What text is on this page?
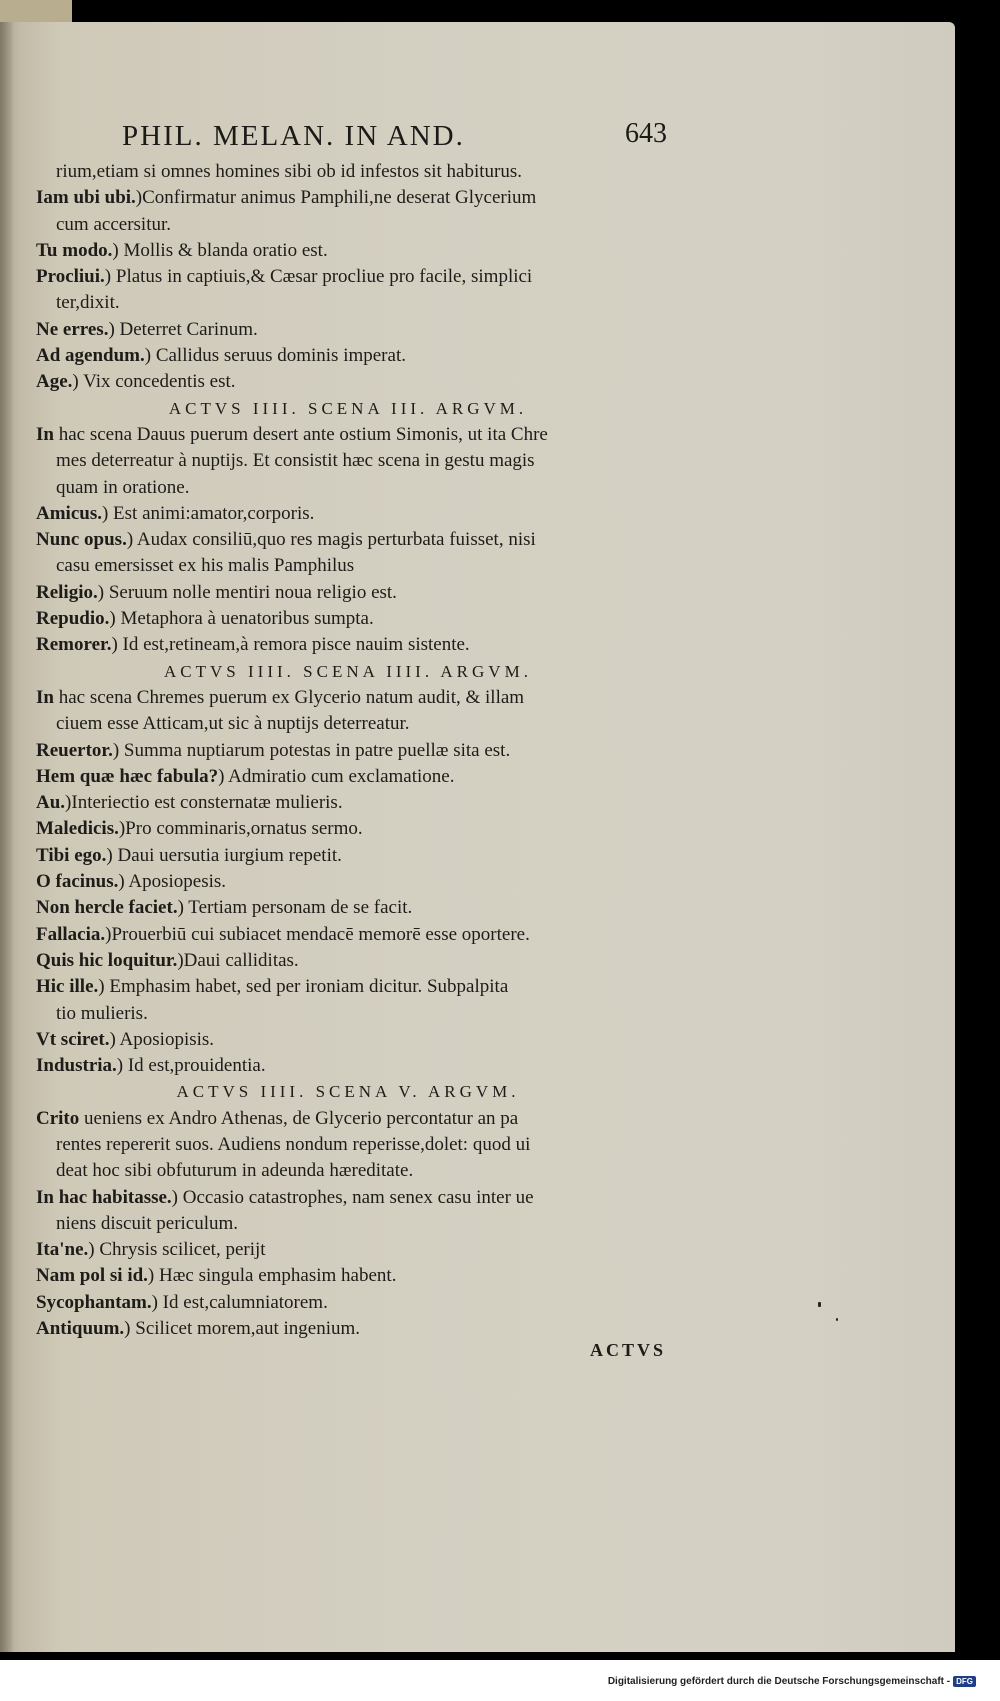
PHIL. MELAN. IN AND.	643
rium,etiam si omnes homines sibi ob id infestos sit habiturus.
Iam ubi ubi.)Confirmatur animus Pamphili,ne deserat Glycerium
cum accersitur.
Tu modo.) Mollis & blanda oratio est.
Procliui.) Platus in captiuis,& Cæsar procliue pro facile, simplici
ter,dixit.
Ne erres.) Deterret Carinum.
Ad agendum.) Callidus seruus dominis imperat.
Age.) Vix concedentis est.
ACTVS IIII. SCENA III. ARGVM.
In hac scena Dauus puerum desert ante ostium Simonis, ut ita Chre
mes deterreatur à nuptijs. Et consistit hæc scena in gestu magis
quam in oratione.
Amicus.) Est animi:amator,corporis.
Nunc opus.) Audax consiliū,quo res magis perturbata fuisset, nisi
casu emersisset ex his malis Pamphilus
Religio.) Seruum nolle mentiri noua religio est.
Repudio.) Metaphora à uenatoribus sumpta.
Remorer.) Id est,retineam,à remora pisce nauim sistente.
ACTVS IIII. SCENA IIII. ARGVM.
In hac scena Chremes puerum ex Glycerio natum audit, & illam
ciuem esse Atticam,ut sic à nuptijs deterreatur.
Reuertor.) Summa nuptiarum potestas in patre puellæ sita est.
Hem quæ hæc fabula?) Admiratio cum exclamatione.
Au.)Interiectio est consternatæ mulieris.
Maledicis.)Pro comminaris,ornatus sermo.
Tibi ego.) Daui uersutia iurgium repetit.
O facinus.) Aposiopesis.
Non hercle faciet.) Tertiam personam de se facit.
Fallacia.)Prouerbiū cui subiacet mendacē memorē esse oportere.
Quis hic loquitur.)Daui calliditas.
Hic ille.) Emphasim habet, sed per ironiam dicitur. Subpalpita
tio mulieris.
Vt sciret.) Aposiopisis.
Industria.) Id est,prouidentia.
ACTVS IIII. SCENA V. ARGVM.
Crito ueniens ex Andro Athenas, de Glycerio percontatur an pa
rentes repererit suos. Audiens nondum reperisse,dolet: quod ui
deat hoc sibi obfuturum in adeunda hæreditate.
In hac habitasse.) Occasio catastrophes, nam senex casu inter ue
niens discuit periculum.
Ita'ne.) Chrysis scilicet, perijt
Nam pol si id.) Hæc singula emphasim habent.
Sycophantam.) Id est,calumniatorem.
Antiquum.) Scilicet morem,aut ingenium.
ACTVS
Digitalisierung gefördert durch die Deutsche Forschungsgemeinschaft - DFG
